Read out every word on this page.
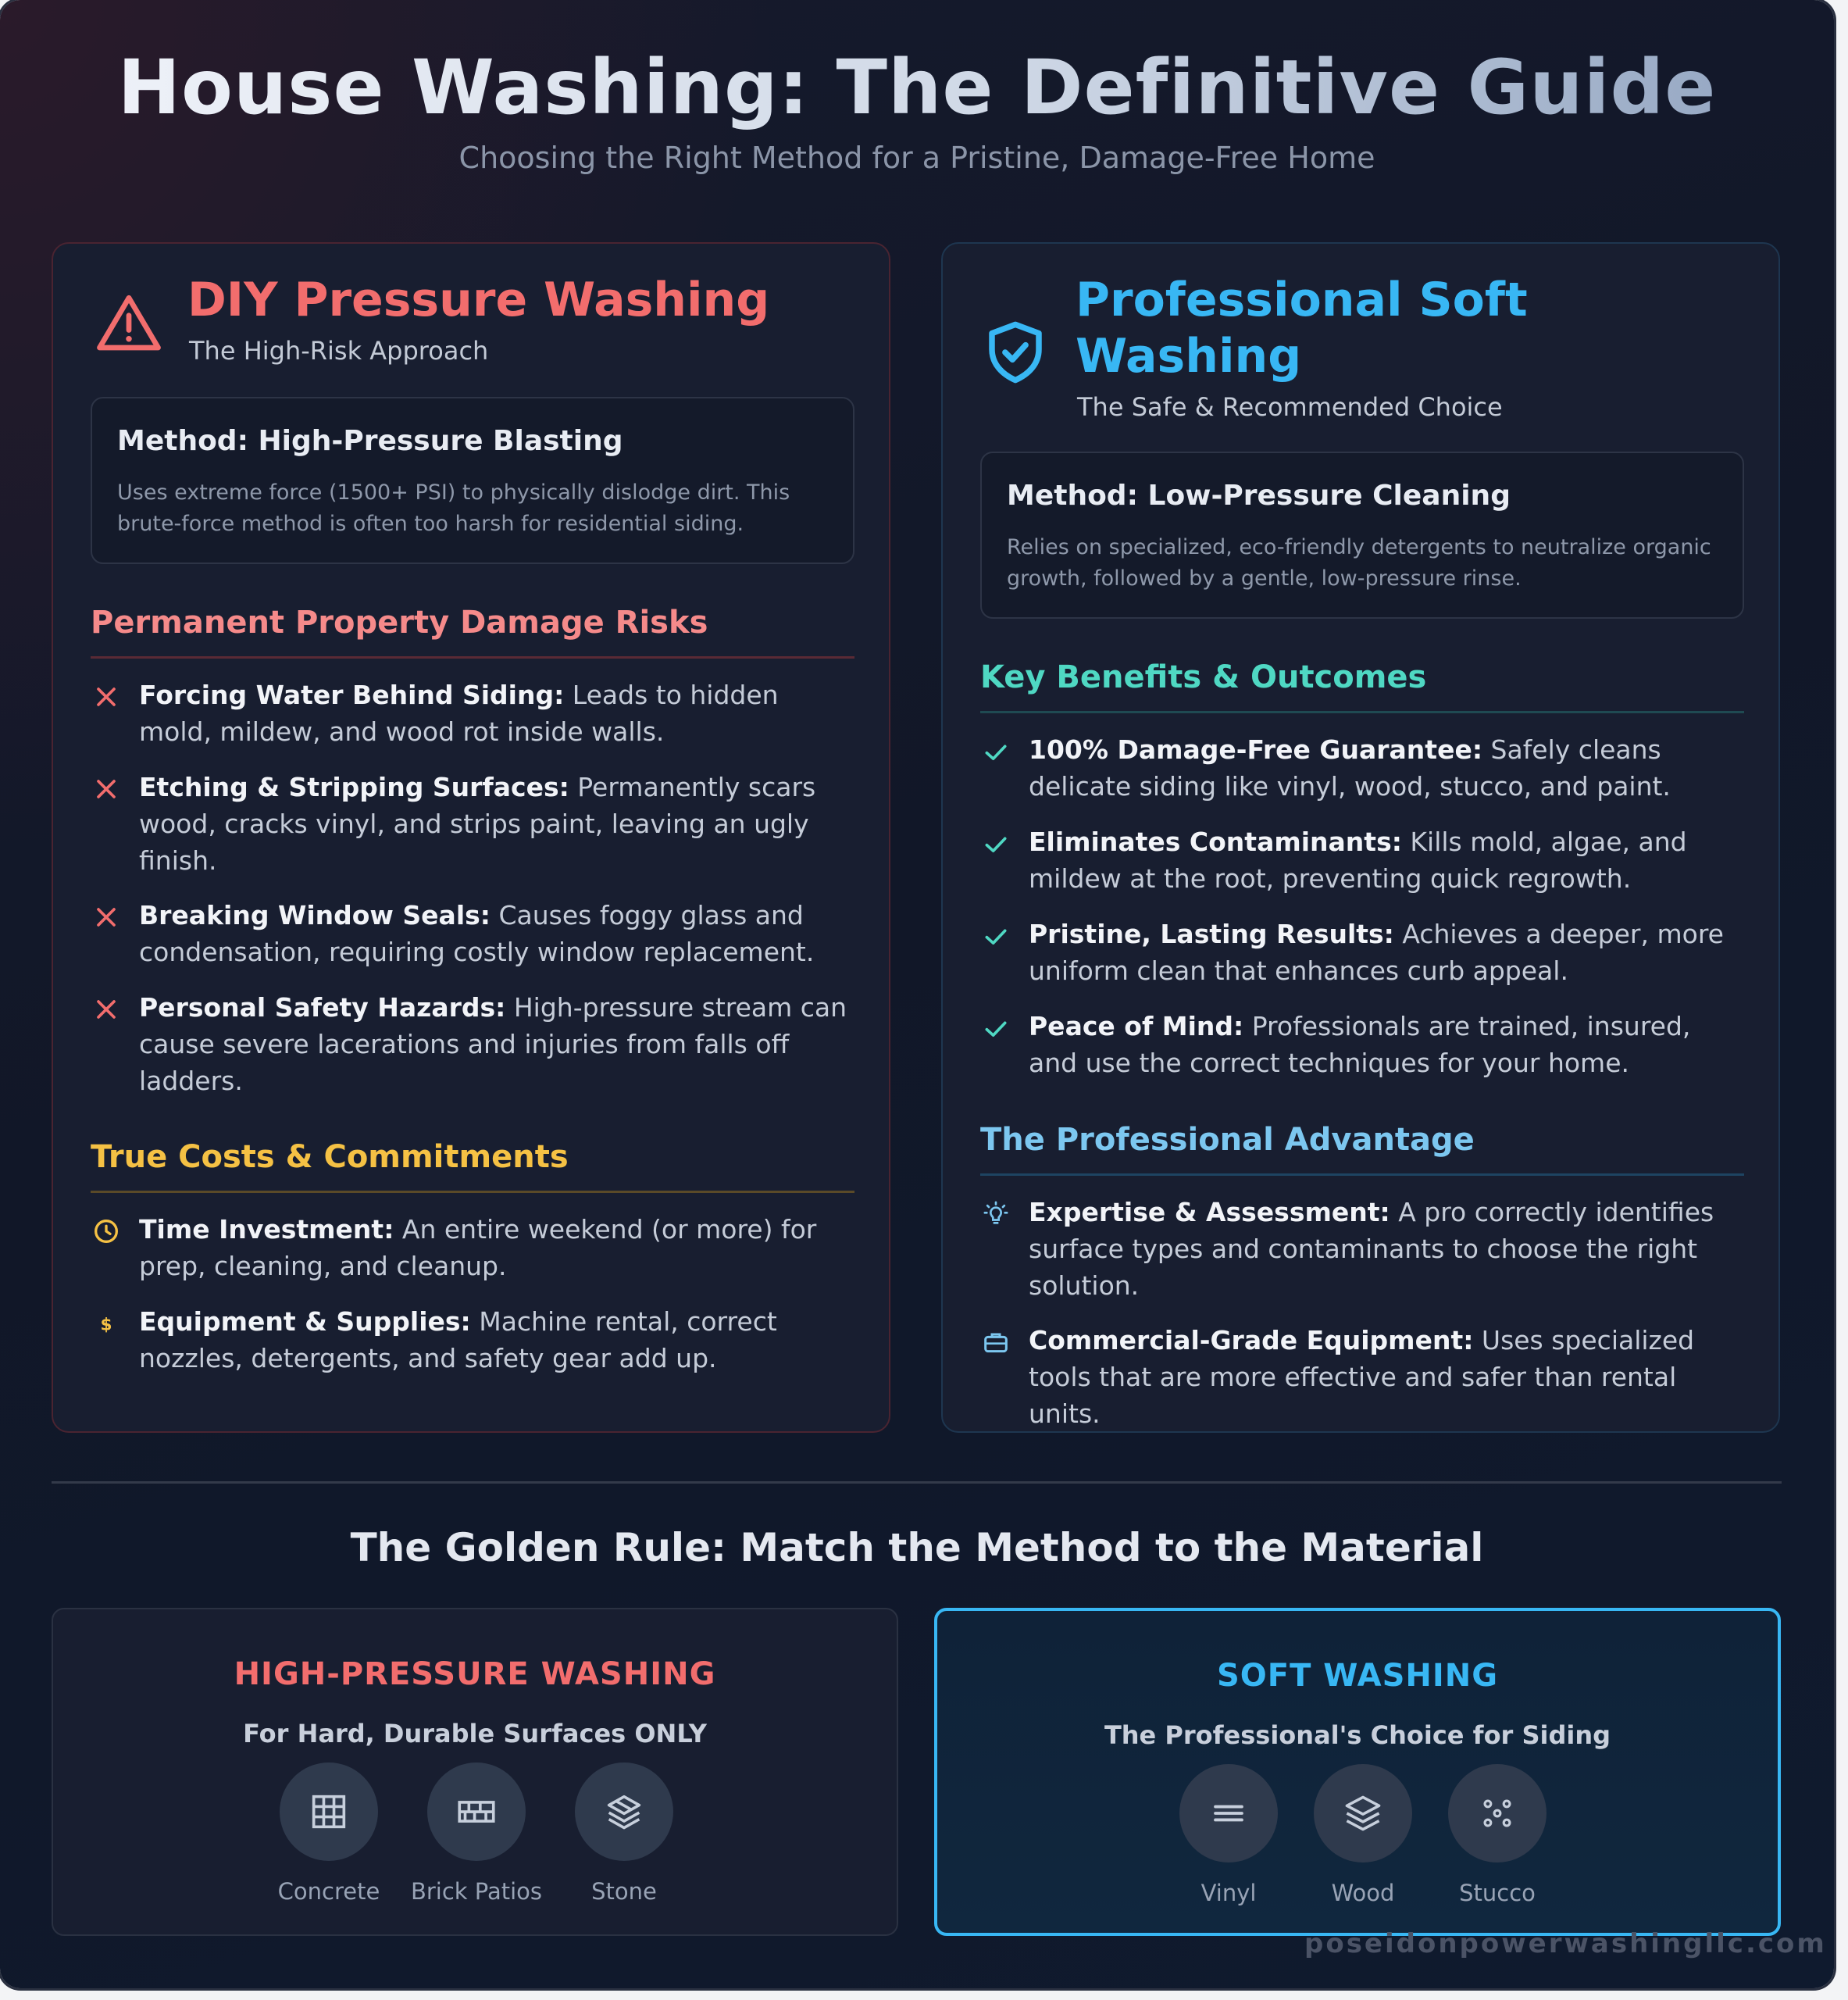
House Washing: The Definitive Guide
Choosing the Right Method for a Pristine, Damage-Free Home
DIY Pressure Washing
The High-Risk Approach
Method: High-Pressure Blasting

Uses extreme force (1500+ PSI) to physically dislodge dirt. This brute-force method is often too harsh for residential siding.

Permanent Property Damage Risks
Forcing Water Behind Siding: Leads to hidden mold, mildew, and wood rot inside walls.
Etching & Stripping Surfaces: Permanently scars wood, cracks vinyl, and strips paint, leaving an ugly finish.
Breaking Window Seals: Causes foggy glass and condensation, requiring costly window replacement.
Personal Safety Hazards: High-pressure stream can cause severe lacerations and injuries from falls off ladders.
True Costs & Commitments
Time Investment: An entire weekend (or more) for prep, cleaning, and cleanup.
$ Equipment & Supplies: Machine rental, correct nozzles, detergents, and safety gear add up.
Professional Soft
Washing
The Safe & Recommended Choice
Method: Low-Pressure Cleaning

Relies on specialized, eco-friendly detergents to neutralize organic growth, followed by a gentle, low-pressure rinse.

Key Benefits & Outcomes
100% Damage-Free Guarantee: Safely cleans delicate siding like vinyl, wood, stucco, and paint.
Eliminates Contaminants: Kills mold, algae, and mildew at the root, preventing quick regrowth.
Pristine, Lasting Results: Achieves a deeper, more uniform clean that enhances curb appeal.
Peace of Mind: Professionals are trained, insured, and use the correct techniques for your home.
The Professional Advantage
Expertise & Assessment: A pro correctly identifies surface types and contaminants to choose the right solution.
Commercial-Grade Equipment: Uses specialized tools that are more effective and safer than rental units.
The Golden Rule: Match the Method to the Material
HIGH-PRESSURE WASHING
For Hard, Durable Surfaces ONLY
Concrete	Brick Patios	Stone
SOFT WASHING
The Professional's Choice for Siding
Vinyl	Wood	Stucco
poseidonpowerwashingllc.com
